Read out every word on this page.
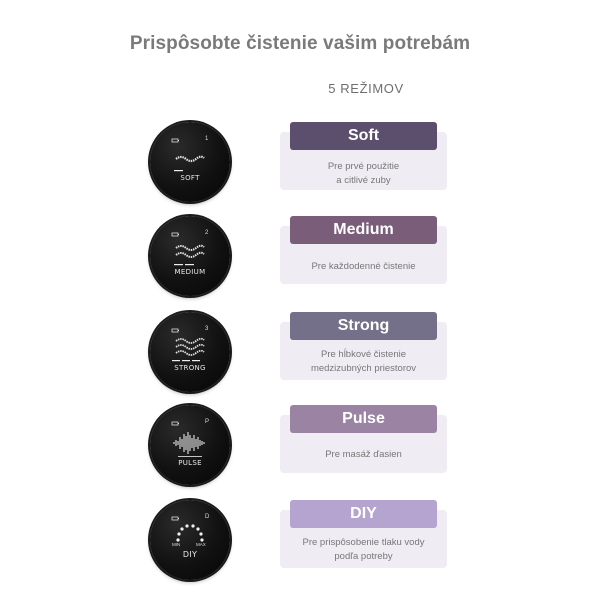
Prispôsobte čistenie vašim potrebám
5 REŽIMOV
1
SOFT
Soft
Pre prvé použitie
a citlivé zuby
2
MEDIUM
Medium
Pre každodenné čistenie
3
STRONG
Strong
Pre hĺbkové čistenie
medzizubných priestorov
P
PULSE
Pulse
Pre masáž ďasien
D
MIN	MAX
DIY
DIY
Pre prispôsobenie tlaku vody
podľa potreby
